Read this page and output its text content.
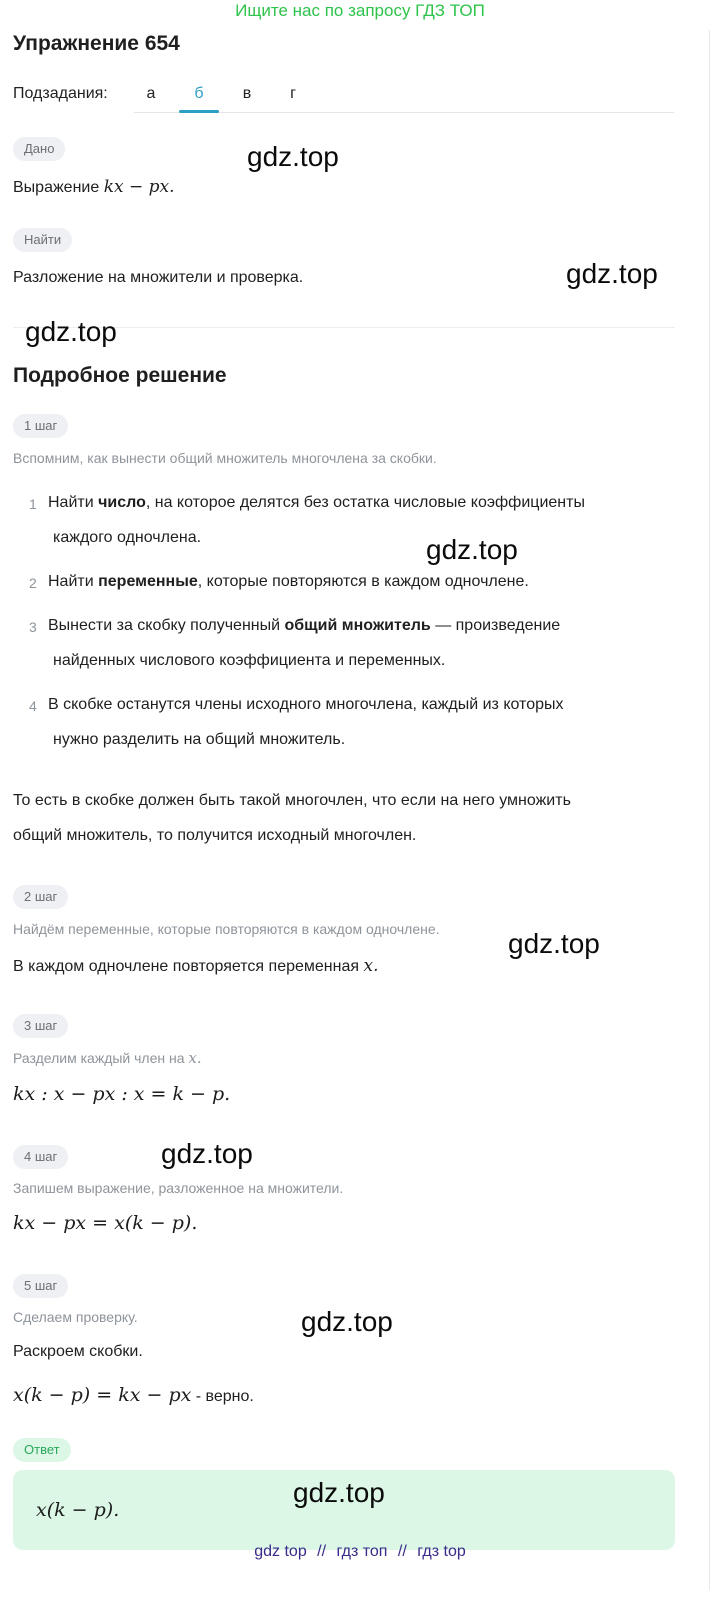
Ищите нас по запросу ГДЗ ТОП
Упражнение 654
Подзадания:	а	б	в	г
Дано
Выражение kx − px.
Найти
Разложение на множители и проверка.
Подробное решение
1 шаг
Вспомним, как вынести общий множитель многочлена за скобки.
1 Найти число, на которое делятся без остатка числовые коэффициенты
каждого одночлена.
2 Найти переменные, которые повторяются в каждом одночлене.
3 Вынести за скобку полученный общий множитель — произведение
найденных числового коэффициента и переменных.
4 В скобке останутся члены исходного многочлена, каждый из которых
нужно разделить на общий множитель.
То есть в скобке должен быть такой многочлен, что если на него умножить
общий множитель, то получится исходный многочлен.
2 шаг
Найдём переменные, которые повторяются в каждом одночлене.
В каждом одночлене повторяется переменная x.
3 шаг
Разделим каждый член на x.
kx : x − px : x = k − p.
4 шаг
Запишем выражение, разложенное на множители.
kx − px = x(k − p).
5 шаг
Сделаем проверку.
Раскроем скобки.
x(k − p) = kx − px - верно.
Ответ
x(k − p).
gdz.top
gdz.top
gdz.top
gdz.top
gdz.top
gdz.top
gdz.top
gdz.top
gdz top // гдз топ // гдз top
